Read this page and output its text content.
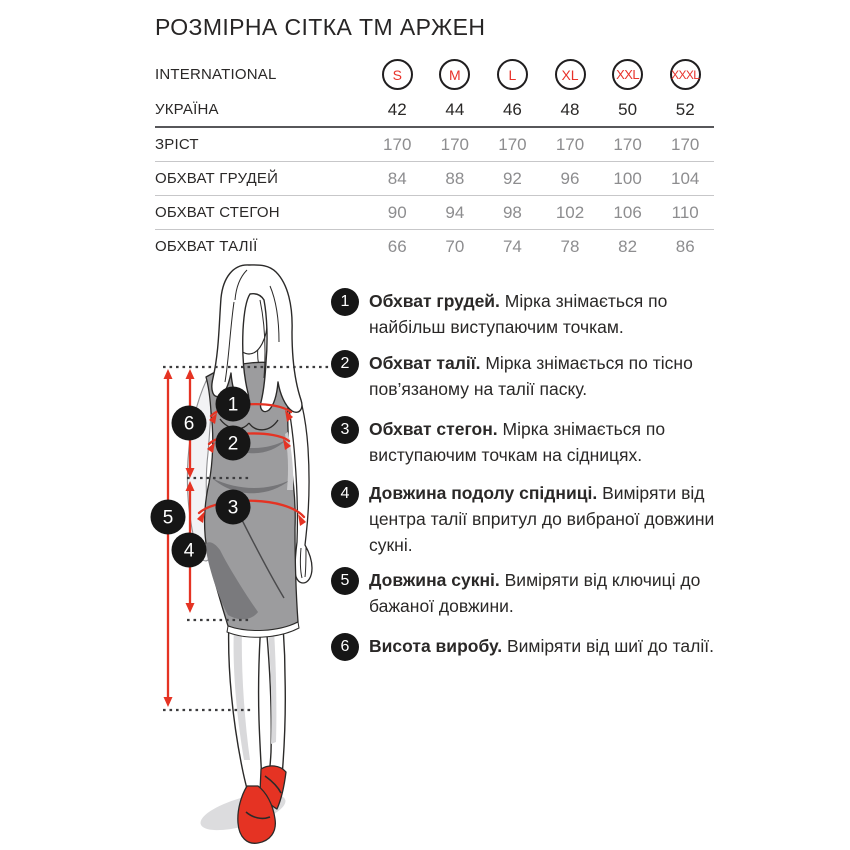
РОЗМІРНА СІТКА ТМ АРЖЕН
INTERNATIONAL	S	M	L	XL	XXL	XXXL
УКРАЇНА	42	44	46	48	50	52
ЗРІСТ	170	170	170	170	170	170
ОБХВАТ ГРУДЕЙ	84	88	92	96	100	104
ОБХВАТ СТЕГОН	90	94	98	102	106	110
ОБХВАТ ТАЛІЇ	66	70	74	78	82	86
1
2
3
4
5
6
1	Обхват грудей. Мірка знімається по найбільш виступаючим точкам.
2	Обхват талії. Мірка знімається по тісно пов’язаному на талії паску.
3	Обхват стегон. Мірка знімається по виступаючим точкам на сідницях.
4	Довжина подолу спідниці. Виміряти від центра талії впритул до вибраної довжини сукні.
5	Довжина сукні. Виміряти від ключиці до бажаної довжини.
6	Висота виробу. Виміряти від шиї до талії.
